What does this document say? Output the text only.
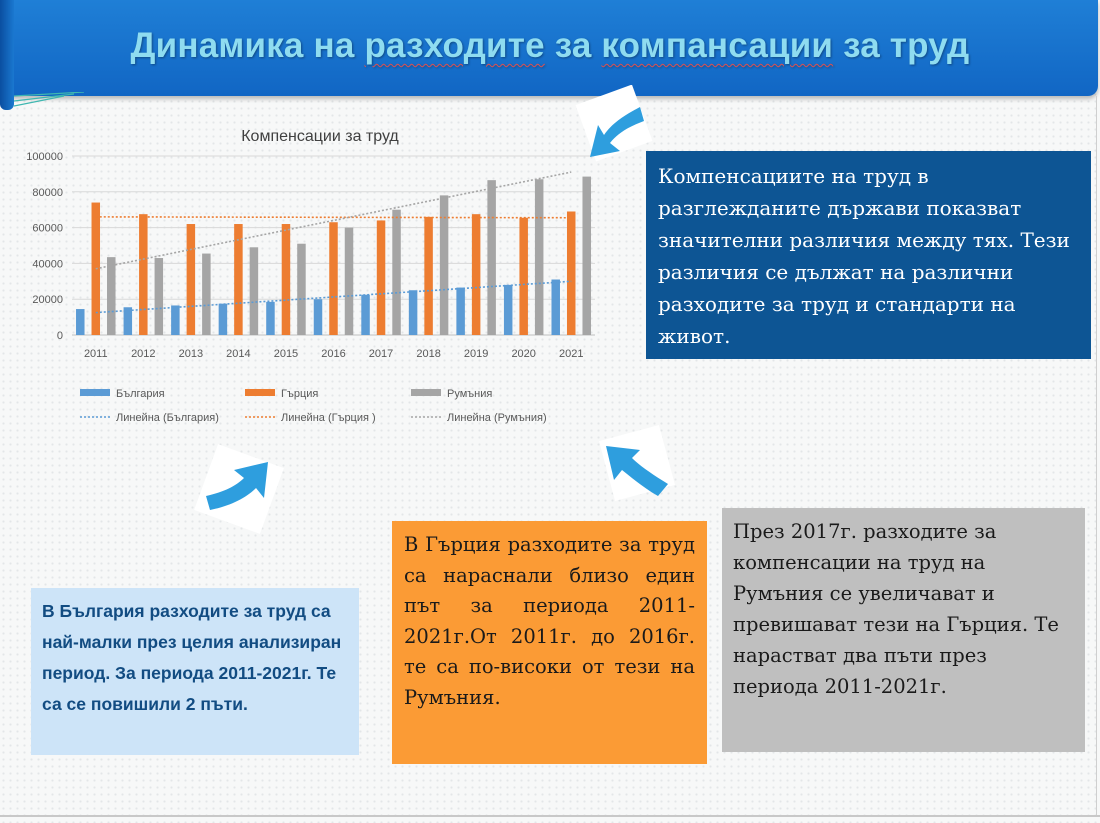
Динамика на разходите за компансации за труд
Компенсации за труд
0
20000
40000
60000
80000
100000
2011 2012 2013 2014 2015 2016 2017 2018 2019 2020 2021
България	Гърция	Румъния
Линейна (България)	Линейна (Гърция )	Линейна (Румъния)
Компенсациите на труд в разглежданите държави показват значителни различия между тях. Тези различия се дължат на различни разходите за труд и стандарти на живот.
В България разходите за труд са най-малки през целия анализиран период. За периода 2011-2021г. Те са се повишили 2 пъти.
В Гърция разходите за труд са нараснали близо един път за периода 2011-2021г.От 2011г. до 2016г. те са по-високи от тези на Румъния.
През 2017г. разходите за компенсации на труд на Румъния се увеличават и превишават тези на Гърция. Те нарастват два пъти през периода 2011-2021г.
